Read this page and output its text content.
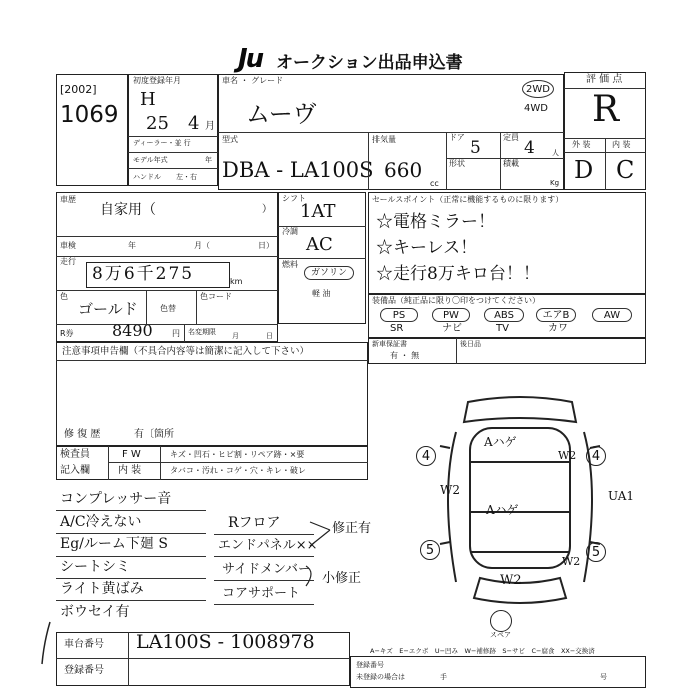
Ju オークション出品申込書
[2002]
1069
初度登録年月
H
25 4 月
ディーラー・並 行
モデル年式	年
ハンドル 左・右
車名 ・ グレード
ムーヴ
型式
DBA - LA100S
2WD
4WD
排気量
660
cc
ドア
5
定員
4 人
形状	積載
Kg
評 価 点
R
外 装	内 装
D C
車歴
自家用（	）
車検	年	月（	日）
走行
8万6千275	km
色
ゴールド	色替
色コード
R券 8490 円 名変期限 月	日
シフト
1AT
冷調
AC
燃料
ガソリン
軽 油
セールスポイント（正常に機能するものに限ります）
☆電格ミラー！
☆キーレス！
☆走行8万キロ台！！
装備品（純正品に限り〇印をつけてください）
PS	PW	ABS	エアB	AW
SR	ナビ	TV	カワ
新車保証書
有 ・ 無
後日品
注意事項申告欄（不具合内容等は簡潔に記入して下さい）
修 復 歴	有〔箇所
検査員
記入欄
F W	キズ・凹石・ヒビ割・リペア跡・×要
内 装	タバコ・汚れ・コゲ・穴・キレ・破レ
コンプレッサー音
A/C冷えない
Eg/ルーム下廻 S
シートシミ
ライト黄ばみ
ボウセイ有
Rフロア
エンドパネル××
サイドメンバー
コアサポート
修正有
小修正
4	4
5	5
Aハゲ
Aハゲ
W2
W2
W2
W2
UA1
スペア
車台番号 LA100S - 1008978
登録番号
A−キズ　E−エクボ　U−凹み　W−補修跡　S−サビ　C−腐食　XX−交換済
登録番号
未登録の場合は	手	号
